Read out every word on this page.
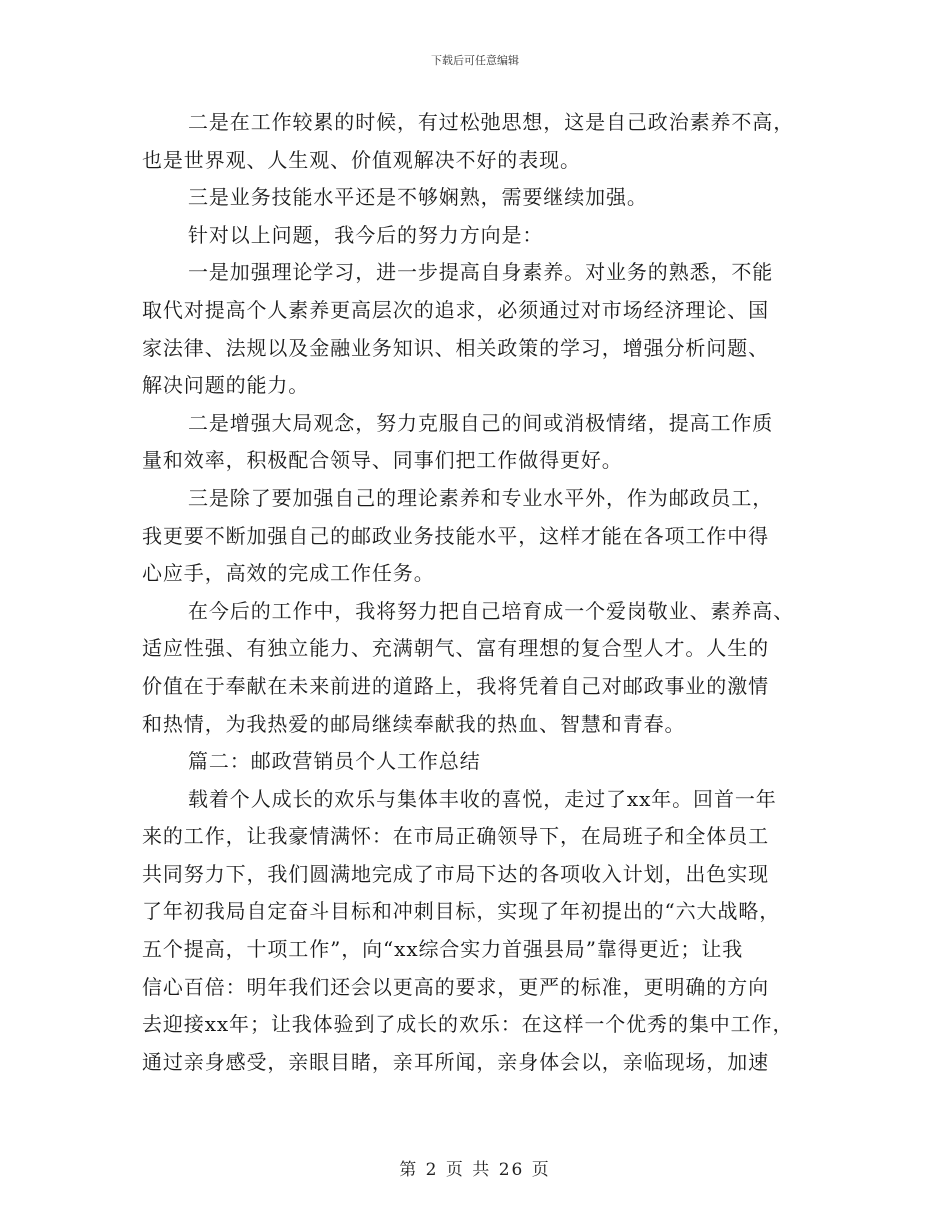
下载后可任意编辑

二是在工作较累的时候，有过松弛思想，这是自己政治素养不高，
也是世界观、人生观、价值观解决不好的表现。

三是业务技能水平还是不够娴熟，需要继续加强。

针对以上问题，我今后的努力方向是：

一是加强理论学习，进一步提高自身素养。对业务的熟悉，不能
取代对提高个人素养更高层次的追求，必须通过对市场经济理论、国
家法律、法规以及金融业务知识、相关政策的学习，增强分析问题、
解决问题的能力。

二是增强大局观念，努力克服自己的间或消极情绪，提高工作质
量和效率，积极配合领导、同事们把工作做得更好。

三是除了要加强自己的理论素养和专业水平外，作为邮政员工，
我更要不断加强自己的邮政业务技能水平，这样才能在各项工作中得
心应手，高效的完成工作任务。

在今后的工作中，我将努力把自己培育成一个爱岗敬业、素养高、
适应性强、有独立能力、充满朝气、富有理想的复合型人才。人生的
价值在于奉献在未来前进的道路上，我将凭着自己对邮政事业的激情
和热情，为我热爱的邮局继续奉献我的热血、智慧和青春。

篇二：邮政营销员个人工作总结

载着个人成长的欢乐与集体丰收的喜悦，走过了xx年。回首一年
来的工作，让我豪情满怀：在市局正确领导下，在局班子和全体员工
共同努力下，我们圆满地完成了市局下达的各项收入计划，出色实现
了年初我局自定奋斗目标和冲刺目标，实现了年初提出的“六大战略，
五个提高，十项工作”，向“xx综合实力首强县局”靠得更近；让我
信心百倍：明年我们还会以更高的要求，更严的标准，更明确的方向
去迎接xx年；让我体验到了成长的欢乐：在这样一个优秀的集中工作，
通过亲身感受，亲眼目睹，亲耳所闻，亲身体会以，亲临现场，加速

第 2 页 共 26 页
